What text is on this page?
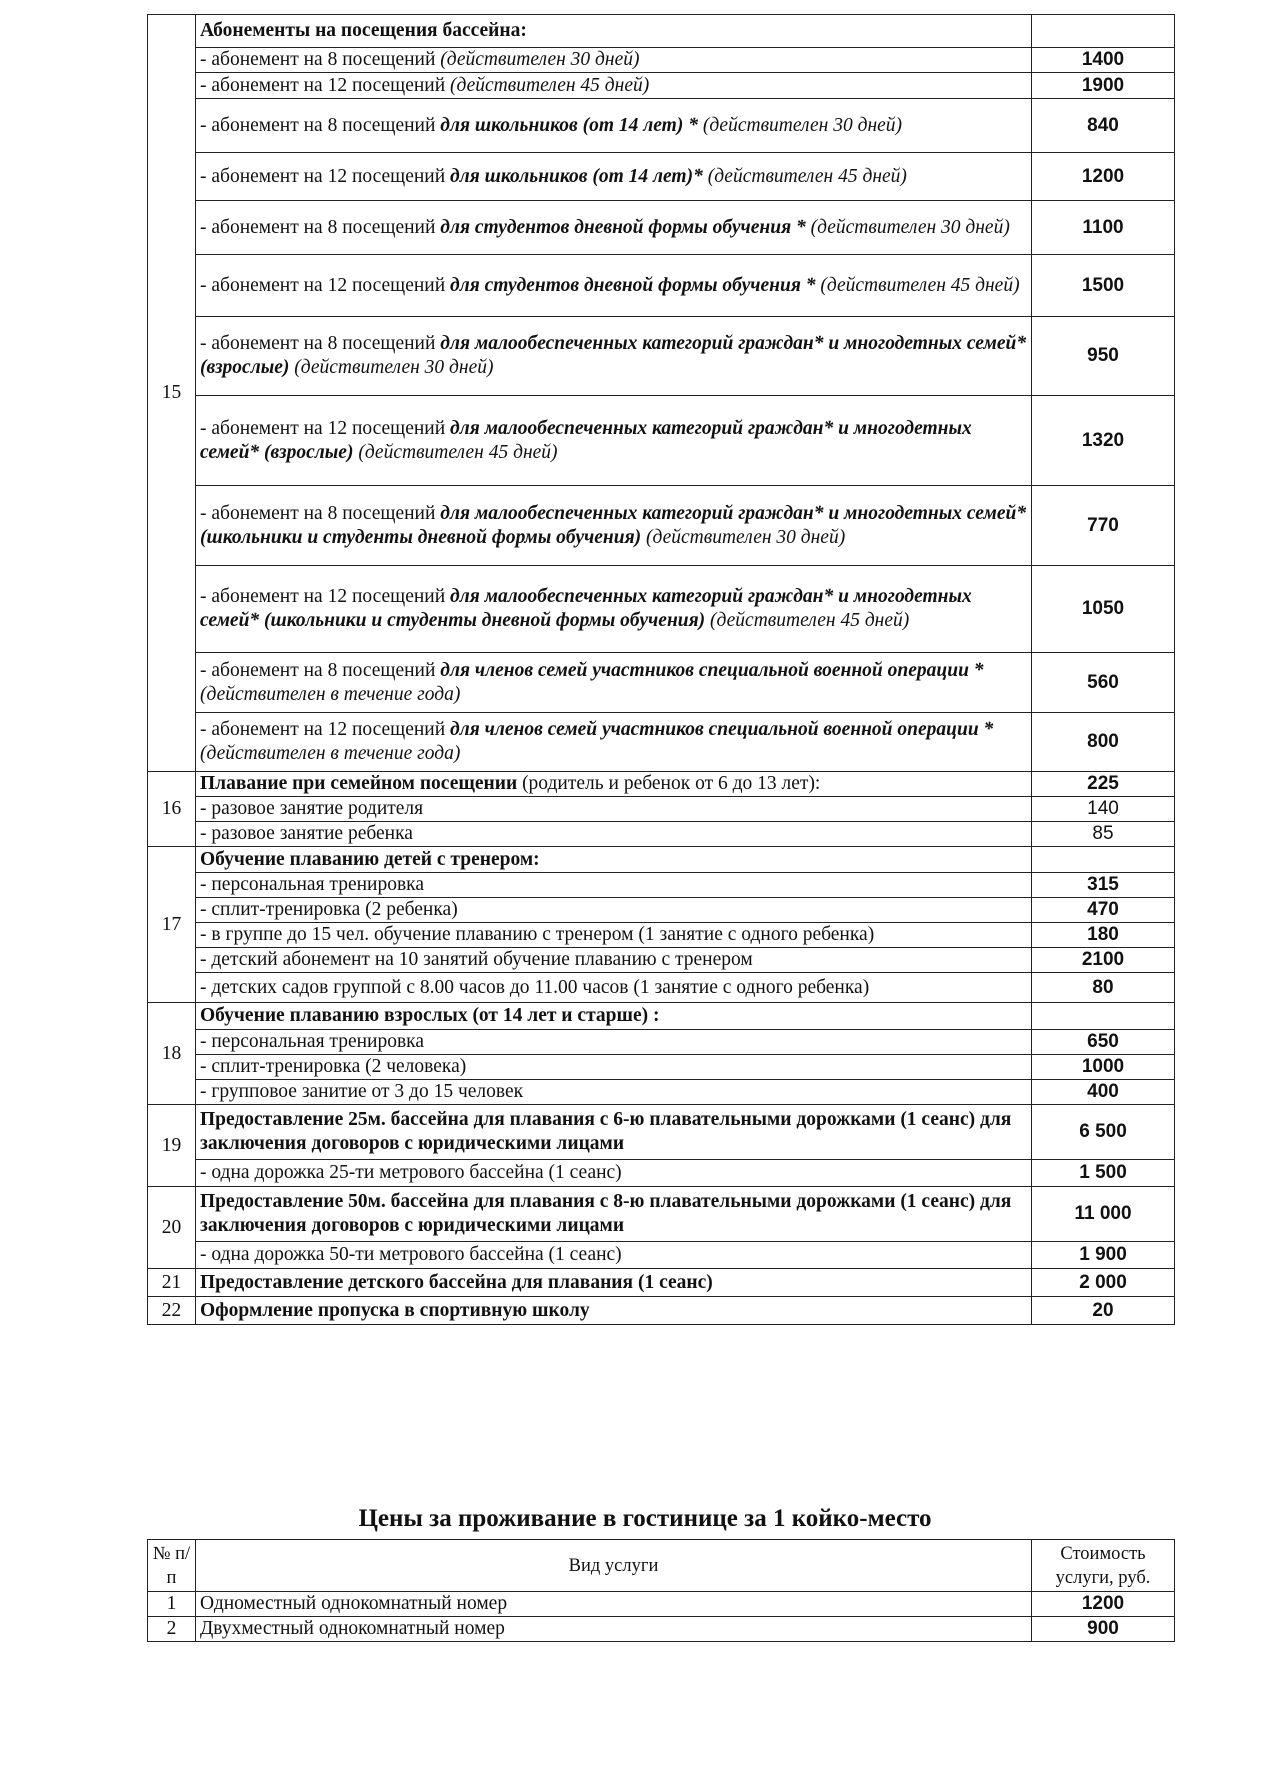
15	Абонементы на посещения бассейна:	
	- абонемент на 8 посещений (действителен 30 дней)	1400
	- абонемент на 12 посещений (действителен 45 дней)	1900
	- абонемент на 8 посещений для школьников (от 14 лет) * (действителен 30 дней)	840
	- абонемент на 12 посещений для школьников (от 14 лет)* (действителен 45 дней)	1200
	- абонемент на 8 посещений для студентов дневной формы обучения * (действителен 30 дней)	1100
	- абонемент на 12 посещений для студентов дневной формы обучения * (действителен 45 дней)	1500
	- абонемент на 8 посещений для малообеспеченных категорий граждан* и многодетных семей* (взрослые) (действителен 30 дней)	950
	- абонемент на 12 посещений для малообеспеченных категорий граждан* и многодетных семей* (взрослые) (действителен 45 дней)	1320
	- абонемент на 8 посещений для малообеспеченных категорий граждан* и многодетных семей* (школьники и студенты дневной формы обучения) (действителен 30 дней)	770
	- абонемент на 12 посещений для малообеспеченных категорий граждан* и многодетных семей* (школьники и студенты дневной формы обучения) (действителен 45 дней)	1050
	- абонемент на 8 посещений для членов семей участников специальной военной операции * (действителен в течение года)	560
	- абонемент на 12 посещений для членов семей участников специальной военной операции * (действителен в течение года)	800
16	Плавание при семейном посещении (родитель и ребенок от 6 до 13 лет):	225
	- разовое занятие родителя	140
	- разовое занятие ребенка	85
17	Обучение плаванию детей с тренером:	
	- персональная тренировка	315
	- сплит-тренировка (2 ребенка)	470
	- в группе до 15 чел. обучение плаванию с тренером (1 занятие с одного ребенка)	180
	- детский абонемент на 10 занятий обучение плаванию с тренером	2100
	- детских садов группой с 8.00 часов до 11.00 часов (1 занятие с одного ребенка)	80
18	Обучение плаванию взрослых (от 14 лет и старше) :	
	- персональная тренировка	650
	- сплит-тренировка (2 человека)	1000
	- групповое занитие от 3 до 15 человек	400
19	Предоставление 25м. бассейна для плавания с 6-ю плавательными дорожками (1 сеанс) для заключения договоров с юридическими лицами	6 500
	- одна дорожка 25-ти метрового бассейна (1 сеанс)	1 500
20	Предоставление 50м. бассейна для плавания с 8-ю плавательными дорожками (1 сеанс) для заключения договоров с юридическими лицами	11 000
	- одна дорожка 50-ти метрового бассейна (1 сеанс)	1 900
21	Предоставление детского бассейна для плавания (1 сеанс)	2 000
22	Оформление пропуска в спортивную школу	20
Цены за проживание в гостинице за 1 койко-место
№ п/п	Вид услуги	Стоимость услуги, руб.
1	Одноместный однокомнатный номер	1200
2	Двухместный однокомнатный номер	900
